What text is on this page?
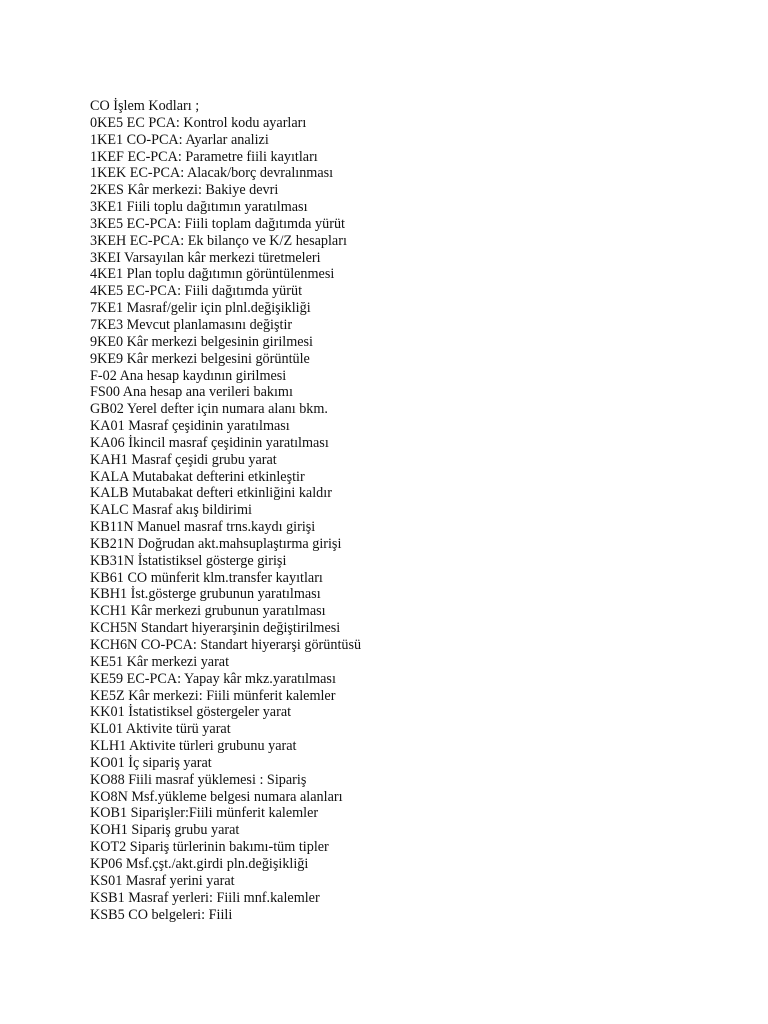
CO İşlem Kodları ;
0KE5 EC PCA: Kontrol kodu ayarları
1KE1 CO-PCA: Ayarlar analizi
1KEF EC-PCA: Parametre fiili kayıtları
1KEK EC-PCA: Alacak/borç devralınması
2KES Kâr merkezi: Bakiye devri
3KE1 Fiili toplu dağıtımın yaratılması
3KE5 EC-PCA: Fiili toplam dağıtımda yürüt
3KEH EC-PCA: Ek bilanço ve K/Z hesapları
3KEI Varsayılan kâr merkezi türetmeleri
4KE1 Plan toplu dağıtımın görüntülenmesi
4KE5 EC-PCA: Fiili dağıtımda yürüt
7KE1 Masraf/gelir için plnl.değişikliği
7KE3 Mevcut planlamasını değiştir
9KE0 Kâr merkezi belgesinin girilmesi
9KE9 Kâr merkezi belgesini görüntüle
F-02 Ana hesap kaydının girilmesi
FS00 Ana hesap ana verileri bakımı
GB02 Yerel defter için numara alanı bkm.
KA01 Masraf çeşidinin yaratılması
KA06 İkincil masraf çeşidinin yaratılması
KAH1 Masraf çeşidi grubu yarat
KALA Mutabakat defterini etkinleştir
KALB Mutabakat defteri etkinliğini kaldır
KALC Masraf akış bildirimi
KB11N Manuel masraf trns.kaydı girişi
KB21N Doğrudan akt.mahsuplaştırma girişi
KB31N İstatistiksel gösterge girişi
KB61 CO münferit klm.transfer kayıtları
KBH1 İst.gösterge grubunun yaratılması
KCH1 Kâr merkezi grubunun yaratılması
KCH5N Standart hiyerarşinin değiştirilmesi
KCH6N CO-PCA: Standart hiyerarşi görüntüsü
KE51 Kâr merkezi yarat
KE59 EC-PCA: Yapay kâr mkz.yaratılması
KE5Z Kâr merkezi: Fiili münferit kalemler
KK01 İstatistiksel göstergeler yarat
KL01 Aktivite türü yarat
KLH1 Aktivite türleri grubunu yarat
KO01 İç sipariş yarat
KO88 Fiili masraf yüklemesi : Sipariş
KO8N Msf.yükleme belgesi numara alanları
KOB1 Siparişler:Fiili münferit kalemler
KOH1 Sipariş grubu yarat
KOT2 Sipariş türlerinin bakımı-tüm tipler
KP06 Msf.çşt./akt.girdi pln.değişikliği
KS01 Masraf yerini yarat
KSB1 Masraf yerleri: Fiili mnf.kalemler
KSB5 CO belgeleri: Fiili
